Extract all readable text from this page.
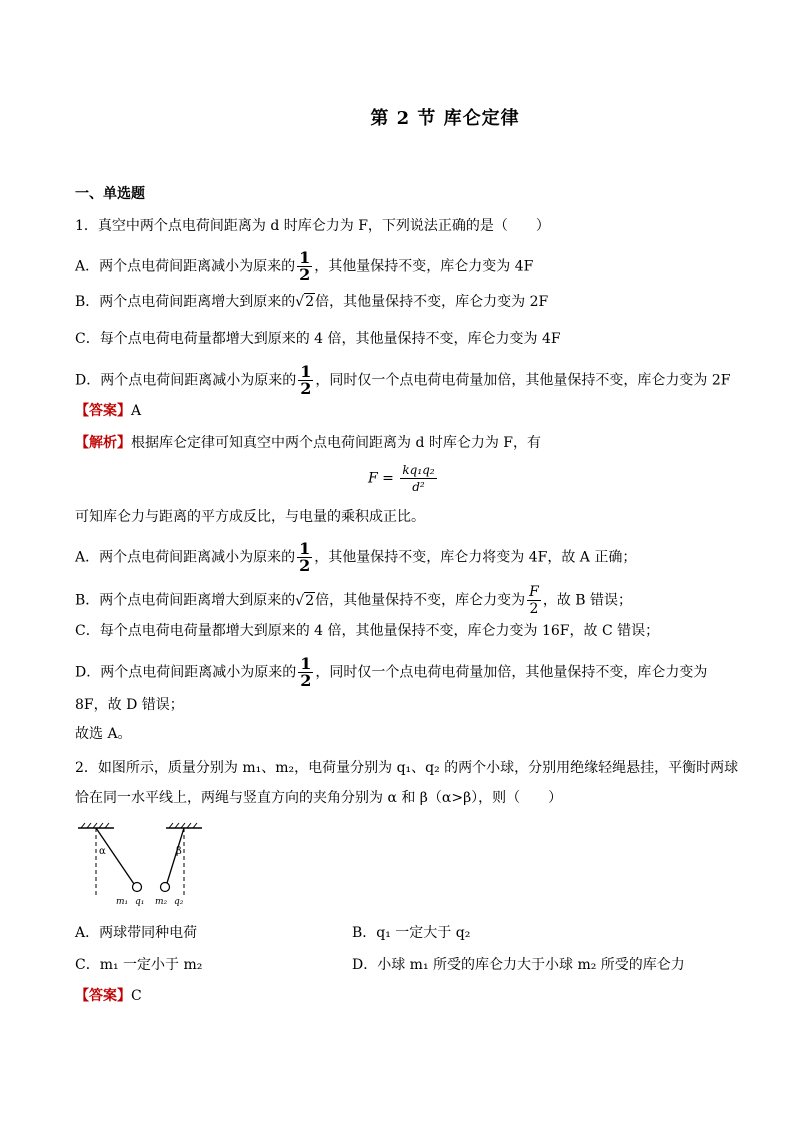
第 2 节 库仑定律
一、单选题
1．真空中两个点电荷间距离为 d 时库仑力为 F，下列说法正确的是（　　）
A．两个点电荷间距离减小为原来的 $\frac{1}{2}$ ，其他量保持不变，库仑力变为 4F
B．两个点电荷间距离增大到原来的√2倍，其他量保持不变，库仑力变为 2F
C．每个点电荷电荷量都增大到原来的 4 倍，其他量保持不变，库仑力变为 4F
D．两个点电荷间距离减小为原来的 $\frac{1}{2}$ ，同时仅一个点电荷电荷量加倍，其他量保持不变，库仑力变为 2F
【答案】A
【解析】根据库仑定律可知真空中两个点电荷间距离为 d 时库仑力为 F，有
$F = \frac{\text{kq₁q₂}}{\text{d²}}$
可知库仑力与距离的平方成反比，与电量的乘积成正比。
A．两个点电荷间距离减小为原来的 $\frac{1}{2}$ ，其他量保持不变，库仑力将变为 4F，故 A 正确；
B．两个点电荷间距离增大到原来的√2倍，其他量保持不变，库仑力变为 $\frac{F}{2}$ ，故 B 错误；
C．每个点电荷电荷量都增大到原来的 4 倍，其他量保持不变，库仑力变为 16F，故 C 错误；
D．两个点电荷间距离减小为原来的 $\frac{1}{2}$ ，同时仅一个点电荷电荷量加倍，其他量保持不变，库仑力变为
8F，故 D 错误；
故选 A。
2．如图所示，质量分别为 m₁、m₂，电荷量分别为 q₁、q₂ 的两个小球，分别用绝缘轻绳悬挂，平衡时两球
恰在同一水平线上，两绳与竖直方向的夹角分别为 α 和 β（α>β），则（　　）
α	β
m₁ q₁ m₂ q₂
A．两球带同种电荷	B．q₁ 一定大于 q₂
C．m₁ 一定小于 m₂	D．小球 m₁ 所受的库仑力大于小球 m₂ 所受的库仑力
【答案】C
